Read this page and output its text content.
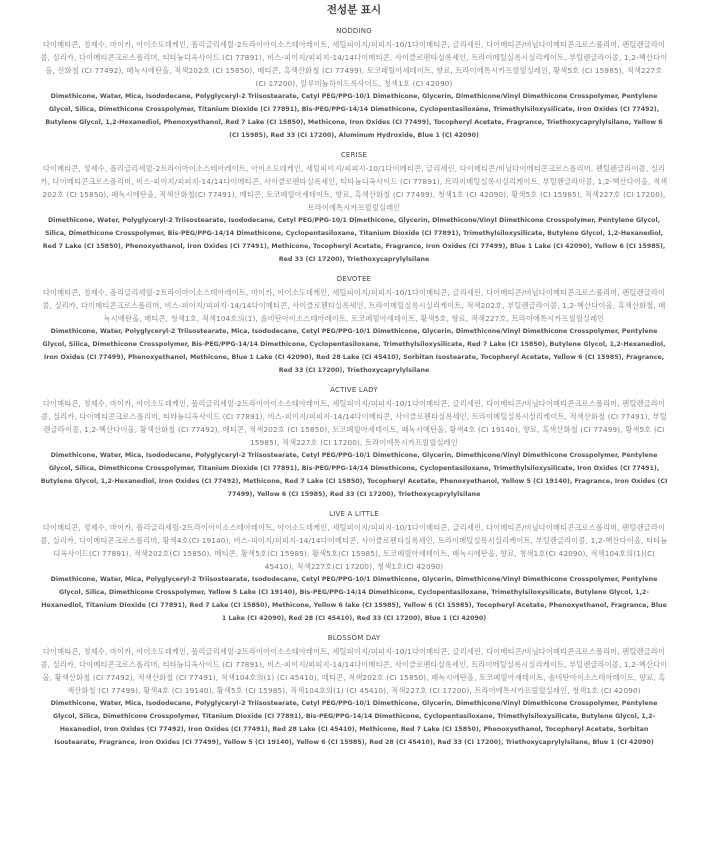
전성분 표시
NODDING
다이메티콘, 정제수, 마이카, 아이소도데케인, 폴리글리세릴-2트라이아이소스테아레이트, 세틸피이지/피피지-10/1다이메티콘, 글리세린, 다이메티콘/비닐다이메티콘크로스폴리머, 펜틸렌글라이콜, 실리카, 다이메티콘크로스폴리머, 티타늄디옥사이드 (CI 77891), 비스-피이지/피피지-14/14다이메티콘, 사이클로펜타실록세인, 트라이메틸실록시실리케이트, 부틸렌글라이콜, 1,2-헥산다이올, 산화철 (CI 77492), 페녹시에탄올, 적색202호 (CI 15850), 메티콘, 흑색산화철 (CI 77499), 토코페릴아세테이트, 향료, 트라이에톡시카프릴릴실레인, 황색5호 (CI 15985), 적색227호 (CI 17200), 알루미늄하이드록사이드, 청색1호 (CI 42090)
Dimethicone, Water, Mica, Isododecane, Polyglyceryl-2 Triisostearate, Cetyl PEG/PPG-10/1 Dimethicone, Glycerin, Dimethicone/Vinyl Dimethicone Crosspolymer, Pentylene Glycol, Silica, Dimethicone Crosspolymer, Titanium Dioxide (CI 77891), Bis-PEG/PPG-14/14 Dimethicone, Cyclopentasiloxane, Trimethylsiloxysilicate, Iron Oxides (CI 77492), Butylene Glycol, 1,2-Hexanediol, Phenoxyethanol, Red 7 Lake (CI 15850), Methicone, Iron Oxides (CI 77499), Tocopheryl Acetate, Fragrance, Triethoxycaprylylsilane, Yellow 6 (CI 15985), Red 33 (CI 17200), Aluminum Hydroxide, Blue 1 (CI 42090)
CERISE
다이메티콘, 정제수, 폴리글리세릴-2트라이아이소스테아레이트, 아이소도데케인, 세틸피이지/피피지-10/1다이메티콘, 글리세린, 다이메티콘/비닐다이메티콘크로스폴리머, 펜틸렌글라이콜, 실리카, 다이메티콘크로스폴리머, 비스-피이지/피피지-14/14다이메티콘, 사이클로펜타실록세인, 티타늄디옥사이드 (CI 77891), 트라이메틸실록시실리케이트, 부틸렌글라이콜, 1,2-헥산다이올, 적색202호 (CI 15850), 페녹시에탄올, 적색산화철(CI 77491), 메티콘, 토코페릴아세테이트, 향료, 흑색산화철 (CI 77499), 청색1호 (CI 42090), 황색5호 (CI 15985), 적색227호 (CI 17200), 트라이에톡시카프릴릴실레인
Dimethicone, Water, Polyglyceryl-2 Triisostearate, Isododecane, Cetyl PEG/PPG-10/1 Dimethicone, Glycerin, Dimethicone/Vinyl Dimethicone Crosspolymer, Pentylene Glycol, Silica, Dimethicone Crosspolymer, Bis-PEG/PPG-14/14 Dimethicone, Cyclopentasiloxane, Titanium Dioxide (CI 77891), Trimethylsiloxysilicate, Butylene Glycol, 1,2-Hexanediol, Red 7 Lake (CI 15850), Phenoxyethanol, Iron Oxides (CI 77491), Methicone, Tocopheryl Acetate, Fragrance, Iron Oxides (CI 77499), Blue 1 Lake (CI 42090), Yellow 6 (CI 15985), Red 33 (CI 17200), Triethoxycaprylylsilane
DEVOTEE
다이메티콘, 정제수, 폴리글리세릴-2트라이아이소스테아레이트, 마이카, 아이소도데케인, 세틸피이지/피피지-10/1다이메티콘, 글리세린, 다이메티콘/비닐다이메티콘크로스폴리머, 펜틸렌글라이콜, 실리카, 다이메티콘크로스폴리머, 비스-피이지/피피지-14/14다이메티콘, 사이클로펜타실록세인, 트라이메틸실록시실리케이트, 적색202호, 부틸렌글라이콜, 1,2-헥산다이올, 흑색산화철, 페녹시에탄올, 메티콘, 청색1호, 적색104호의(1), 솔비탄아이소스테아레이트, 토코페릴아세테이트, 황색5호, 향료, 적색227호, 트라이에톡시카프릴릴실레인
Dimethicone, Water, Polyglyceryl-2 Triisostearate, Mica, Isododecane, Cetyl PEG/PPG-10/1 Dimethicone, Glycerin, Dimethicone/Vinyl Dimethicone Crosspolymer, Pentylene Glycol, Silica, Dimethicone Crosspolymer, Bis-PEG/PPG-14/14 Dimethicone, Cyclopentasiloxane, Trimethylsiloxysilicate, Red 7 Lake (CI 15850), Butylene Glycol, 1,2-Hexanediol, Iron Oxides (CI 77499), Phenoxyethanol, Methicone, Blue 1 Lake (CI 42090), Red 28 Lake (CI 45410), Sorbitan Isostearate, Tocopheryl Acetate, Yellow 6 (CI 15985), Fragrance, Red 33 (CI 17200), Triethoxycaprylylsilane
ACTIVE LADY
다이메티콘, 정제수, 마이카, 아이소도데케인, 폴리글리세릴-2트라이아이소스테아레이트, 세틸피이지/피피지-10/1다이메티콘, 글리세린, 다이메티콘/비닐다이메티콘크로스폴리머, 펜틸렌글라이콜, 실리카, 다이메티콘크로스폴리머, 티타늄디옥사이드 (CI 77891), 비스-피이지/피피지-14/14다이메티콘, 사이클로펜타실록세인, 트라이메틸실록시실리케이트, 적색산화철 (CI 77491), 부틸렌글라이콜, 1,2-헥산다이올, 황색산화철 (CI 77492), 메티콘, 적색202호 (CI 15850), 토코페릴아세테이트, 페녹시에탄올, 황색4호 (CI 19140), 향료, 흑색산화철 (CI 77499), 황색5호 (CI 15985), 적색227호 (CI 17200), 트라이에톡시카프릴릴실레인
Dimethicone, Water, Mica, Isododecane, Polyglyceryl-2 Triisostearate, Cetyl PEG/PPG-10/1 Dimethicone, Glycerin, Dimethicone/Vinyl Dimethicone Crosspolymer, Pentylene Glycol, Silica, Dimethicone Crosspolymer, Titanium Dioxide (CI 77891), Bis-PEG/PPG-14/14 Dimethicone, Cyclopentasiloxane, Trimethylsiloxysilicate, Iron Oxides (CI 77491), Butylene Glycol, 1,2-Hexanediol, Iron Oxides (CI 77492), Methicone, Red 7 Lake (CI 15850), Tocopheryl Acetate, Phenoxyethanol, Yellow 5 (CI 19140), Fragrance, Iron Oxides (CI 77499), Yellow 6 (CI 15985), Red 33 (CI 17200), Triethoxycaprylylsilane
LIVE A LITTLE
다이메티콘, 정제수, 마이카, 폴리글리세릴-2트라이아이소스테아레이트, 아이소도데케인, 세틸피이지/피피지-10/1다이메티콘, 글리세린, 다이메티콘/비닐다이메티콘크로스폴리머, 펜틸렌글라이콜, 실리카, 다이메티콘크로스폴리머, 황색4호(CI 19140), 비스-피이지/피피지-14/14다이메티콘, 사이클로펜타실록세인, 트라이메틸실록시실리케이트, 부틸렌글라이콜, 1,2-헥산다이올, 티타늄디옥사이드(CI 77891), 적색202호(CI 15850), 메티콘, 황색5호(CI 15985), 황색5호(CI 15985), 토코페릴아세테이트, 페녹시에탄올, 향료, 청색1호(CI 42090), 적색104호의(1)(CI 45410), 적색227호(CI 17200), 청색1호(CI 42090)
Dimethicone, Water, Mica, Polyglyceryl-2 Triisostearate, Isododecane, Cetyl PEG/PPG-10/1 Dimethicone, Glycerin, Dimethicone/Vinyl Dimethicone Crosspolymer, Pentylene Glycol, Silica, Dimethicone Crosspolymer, Yellow 5 Lake (CI 19140), Bis-PEG/PPG-14/14 Dimethicone, Cyclopentasiloxane, Trimethylsiloxysilicate, Butylene Glycol, 1,2-Hexanediol, Titanium Dioxide (CI 77891), Red 7 Lake (CI 15850), Methicone, Yellow 6 lake (CI 15985), Yellow 6 (CI 15985), Tocopheryl Acetate, Phenoxyethanol, Fragrance, Blue 1 Lake (CI 42090), Red 28 (CI 45410), Red 33 (CI 17200), Blue 1 (CI 42090)
BLOSSOM DAY
다이메티콘, 정제수, 마이카, 아이소도데케인, 폴리글리세릴-2트라이아이소스테아레이트, 세틸피이지/피피지-10/1다이메티콘, 글리세린, 다이메티콘/비닐다이메티콘크로스폴리머, 펜틸렌글라이콜, 실리카, 다이메티콘크로스폴리머, 티타늄디옥사이드 (CI 77891), 비스-피이지/피피지-14/14다이메티콘, 사이클로펜타실록세인, 트라이메틸실록시실리케이트, 부틸렌글라이콜, 1,2-헥산다이올, 황색산화철 (CI 77492), 적색산화철 (CI 77491), 적색104호의(1) (CI 45410), 메티콘, 적색202호 (CI 15850), 페녹시에탄올, 토코페릴아세테이트, 솔비탄아이소스테아레이트, 향료, 흑색산화철 (CI 77499), 황색4호 (CI 19140), 황색5호 (CI 15985), 적색104호의(1) (CI 45410), 적색227호 (CI 17200), 트라이에톡시카프릴릴실레인, 청색1호 (CI 42090)
Dimethicone, Water, Mica, Isododecane, Polyglyceryl-2 Triisostearate, Cetyl PEG/PPG-10/1 Dimethicone, Glycerin, Dimethicone/Vinyl Dimethicone Crosspolymer, Pentylene Glycol, Silica, Dimethicone Crosspolymer, Titanium Dioxide (CI 77891), Bis-PEG/PPG-14/14 Dimethicone, Cyclopentasiloxane, Trimethylsiloxysilicate, Butylene Glycol, 1,2-Hexanediol, Iron Oxides (CI 77492), Iron Oxides (CI 77491), Red 28 Lake (CI 45410), Methicone, Red 7 Lake (CI 15850), Phenoxyethanol, Tocopheryl Acetate, Sorbitan Isostearate, Fragrance, Iron Oxides (CI 77499), Yellow 5 (CI 19140), Yellow 6 (CI 15985), Red 28 (CI 45410), Red 33 (CI 17200), Triethoxycaprylylsilane, Blue 1 (CI 42090)
